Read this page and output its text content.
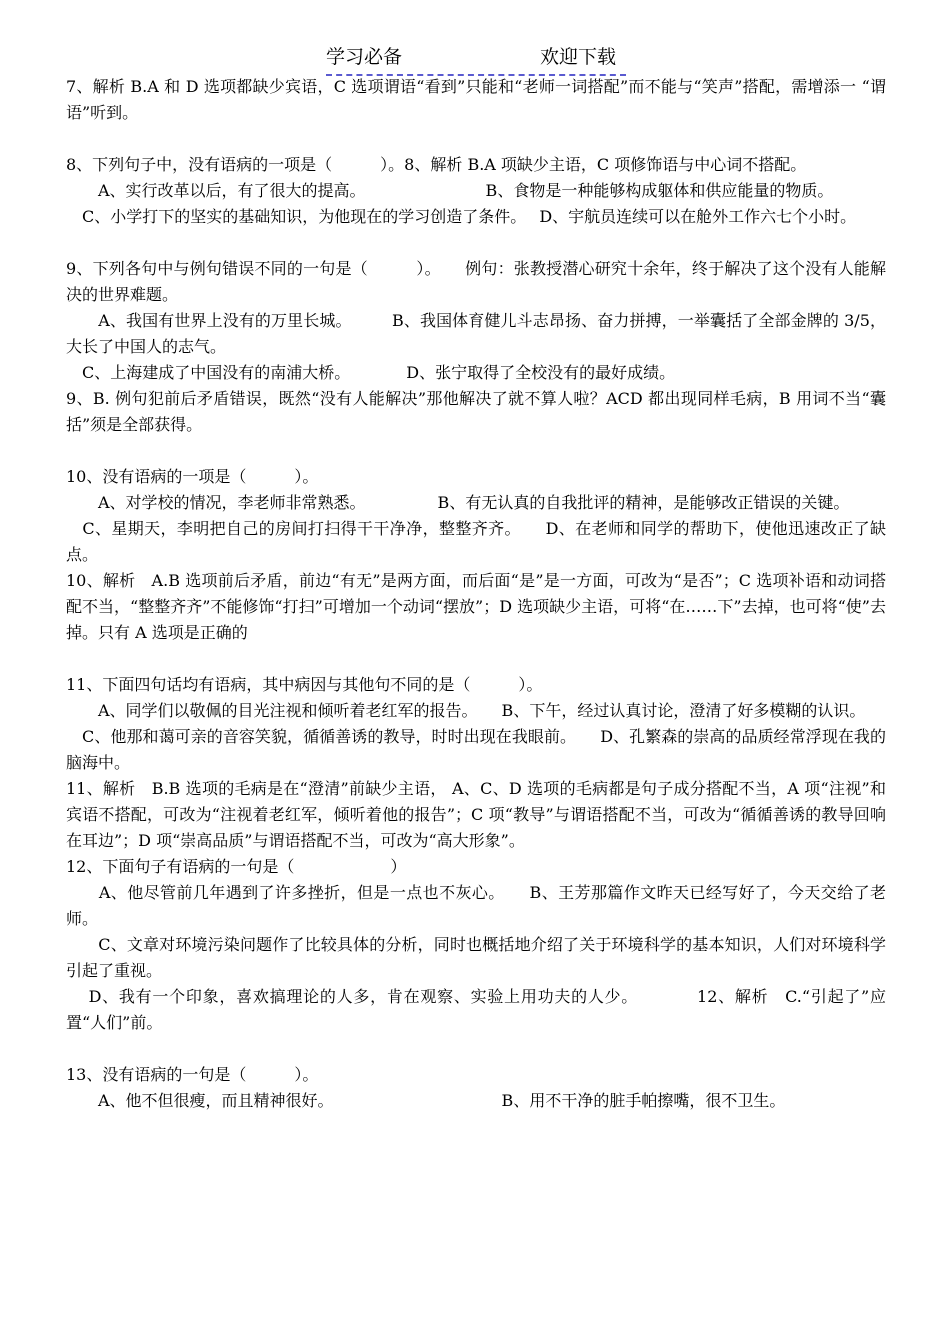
学习必备	欢迎下载

7、解析 B.A 和 D 选项都缺少宾语，C 选项谓语“看到”只能和“老师一词搭配”而不能与“笑声”搭配，需增添一 “谓语”听到。

8、下列句子中，没有语病的一项是（　　　）。8、解析 B.A 项缺少主语，C 项修饰语与中心词不搭配。

　　A、实行改革以后，有了很大的提高。　　　　　　　　B、食物是一种能够构成躯体和供应能量的物质。

　C、小学打下的坚实的基础知识，为他现在的学习创造了条件。　 D、宇航员连续可以在舱外工作六七个小时。

9、下列各句中与例句错误不同的一句是（　　　）。　　例句：张教授潜心研究十余年，终于解决了这个没有人能解决的世界难题。

　　A、我国有世界上没有的万里长城。　　　B、我国体育健儿斗志昂扬、奋力拼搏，一举囊括了全部金牌的 3/5，大长了中国人的志气。

　C、上海建成了中国没有的南浦大桥。　　　　D、张宁取得了全校没有的最好成绩。

9、B. 例句犯前后矛盾错误，既然“没有人能解决”那他解决了就不算人啦？ACD 都出现同样毛病，B 用词不当“囊括”须是全部获得。

10、没有语病的一项是（　　　）。

　　A、对学校的情况，李老师非常熟悉。　　　　　B、有无认真的自我批评的精神，是能够改正错误的关键。

　C、星期天，李明把自己的房间打扫得干干净净，整整齐齐。　　D、在老师和同学的帮助下，使他迅速改正了缺点。

10、解析　A.B 选项前后矛盾，前边“有无”是两方面，而后面“是”是一方面，可改为“是否”；C 选项补语和动词搭配不当，“整整齐齐”不能修饰“打扫”可增加一个动词“摆放”；D 选项缺少主语，可将“在……下”去掉，也可将“使”去掉。只有 A 选项是正确的

11、下面四句话均有语病，其中病因与其他句不同的是（　　　）。

　　A、同学们以敬佩的目光注视和倾听着老红军的报告。　　B、下午，经过认真讨论，澄清了好多模糊的认识。

　C、他那和蔼可亲的音容笑貌，循循善诱的教导，时时出现在我眼前。　　D、孔繁森的崇高的品质经常浮现在我的脑海中。

11、解析　B.B 选项的毛病是在“澄清”前缺少主语， A、C、D 选项的毛病都是句子成分搭配不当，A 项“注视”和宾语不搭配，可改为“注视着老红军，倾听着他的报告”；C 项“教导”与谓语搭配不当，可改为“循循善诱的教导回响在耳边”；D 项“崇高品质”与谓语搭配不当，可改为“高大形象”。

12、下面句子有语病的一句是（　　　　　　）

　　A、他尽管前几年遇到了许多挫折，但是一点也不灰心。　　B、王芳那篇作文昨天已经写好了，今天交给了老师。

　　C、文章对环境污染问题作了比较具体的分析，同时也概括地介绍了关于环境科学的基本知识，人们对环境科学引起了重视。

　 D、我有一个印象，喜欢搞理论的人多，肯在观察、实验上用功夫的人少。　　　　12、解析　C.“引起了”应置“人们”前。

13、没有语病的一句是（　　　）。

　　A、他不但很瘦，而且精神很好。　　　　　　　　　　　B、用不干净的脏手帕擦嘴，很不卫生。
